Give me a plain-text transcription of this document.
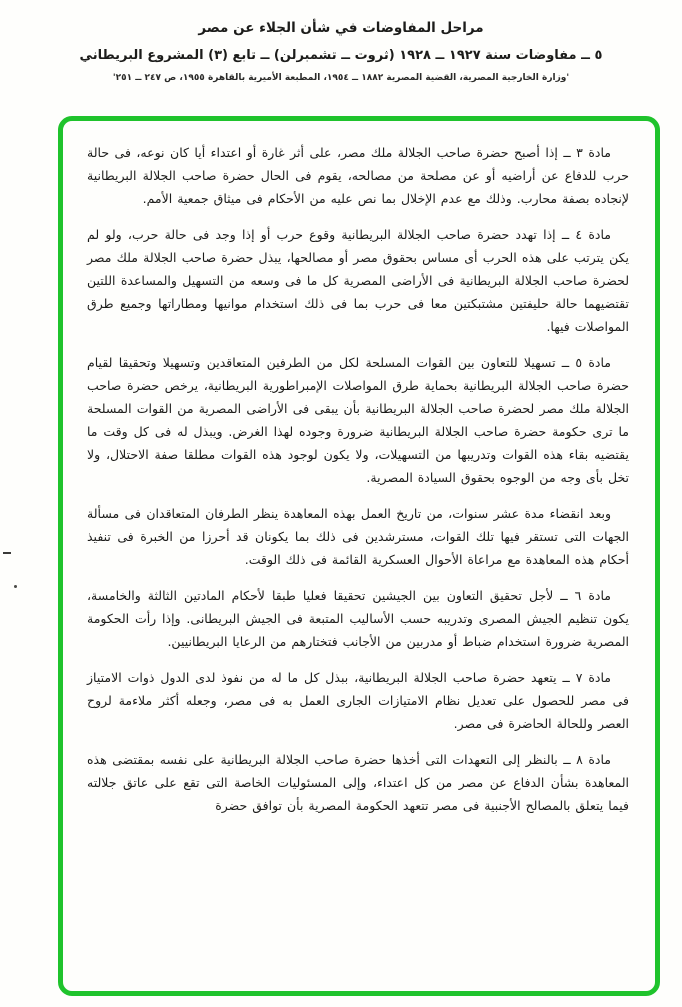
مراحل المفاوضات في شأن الجلاء عن مصر
٥ ــ مفاوضات سنة ١٩٢٧ ــ ١٩٢٨ (ثروت ــ تشمبرلن) ــ تابع (٣) المشروع البريطاني
'وزارة الخارجية المصرية، القضية المصرية ١٨٨٢ ــ ١٩٥٤، المطبعة الأميرية بالقاهرة ١٩٥٥، ص ٢٤٧ ــ ٢٥١'

مادة ٣ ــ إذا أصبح حضرة صاحب الجلالة ملك مصر، على أثر غارة أو اعتداء أيا كان نوعه، فى حالة حرب للدفاع عن أراضيه أو عن مصلحة من مصالحه، يقوم فى الحال حضرة صاحب الجلالة البريطانية لإنجاده بصفة محارب. وذلك مع عدم الإخلال بما نص عليه من الأحكام فى ميثاق جمعية الأمم.

مادة ٤ ــ إذا تهدد حضرة صاحب الجلالة البريطانية وقوع حرب أو إذا وجد فى حالة حرب، ولو لم يكن يترتب على هذه الحرب أى مساس بحقوق مصر أو مصالحها، يبذل حضرة صاحب الجلالة ملك مصر لحضرة صاحب الجلالة البريطانية فى الأراضى المصرية كل ما فى وسعه من التسهيل والمساعدة اللتين تقتضيهما حالة حليفتين مشتبكتين معا فى حرب بما فى ذلك استخدام موانيها ومطاراتها وجميع طرق المواصلات فيها.

مادة ٥ ــ تسهيلا للتعاون بين القوات المسلحة لكل من الطرفين المتعاقدين وتسهيلا وتحقيقا لقيام حضرة صاحب الجلالة البريطانية بحماية طرق المواصلات الإمبراطورية البريطانية، يرخص حضرة صاحب الجلالة ملك مصر لحضرة صاحب الجلالة البريطانية بأن يبقى فى الأراضى المصرية من القوات المسلحة ما ترى حكومة حضرة صاحب الجلالة البريطانية ضرورة وجوده لهذا الغرض. ويبذل له فى كل وقت ما يقتضيه بقاء هذه القوات وتدريبها من التسهيلات، ولا يكون لوجود هذه القوات مطلقا صفة الاحتلال، ولا تخل بأى وجه من الوجوه بحقوق السيادة المصرية.

وبعد انقضاء مدة عشر سنوات، من تاريخ العمل بهذه المعاهدة ينظر الطرفان المتعاقدان فى مسألة الجهات التى تستقر فيها تلك القوات، مسترشدين فى ذلك بما يكونان قد أحرزا من الخبرة فى تنفيذ أحكام هذه المعاهدة مع مراعاة الأحوال العسكرية القائمة فى ذلك الوقت.

مادة ٦ ــ لأجل تحقيق التعاون بين الجيشين تحقيقا فعليا طبقا لأحكام المادتين الثالثة والخامسة، يكون تنظيم الجيش المصرى وتدريبه حسب الأساليب المتبعة فى الجيش البريطانى. وإذا رأت الحكومة المصرية ضرورة استخدام ضباط أو مدربين من الأجانب فتختارهم من الرعايا البريطانيين.

مادة ٧ ــ يتعهد حضرة صاحب الجلالة البريطانية، ببذل كل ما له من نفوذ لدى الدول ذوات الامتياز فى مصر للحصول على تعديل نظام الامتيازات الجارى العمل به فى مصر، وجعله أكثر ملاءمة لروح العصر وللحالة الحاضرة فى مصر.

مادة ٨ ــ بالنظر إلى التعهدات التى أخذها حضرة صاحب الجلالة البريطانية على نفسه بمقتضى هذه المعاهدة بشأن الدفاع عن مصر من كل اعتداء، وإلى المسئوليات الخاصة التى تقع على عاتق جلالته فيما يتعلق بالمصالح الأجنبية فى مصر تتعهد الحكومة المصرية بأن توافق حضرة
